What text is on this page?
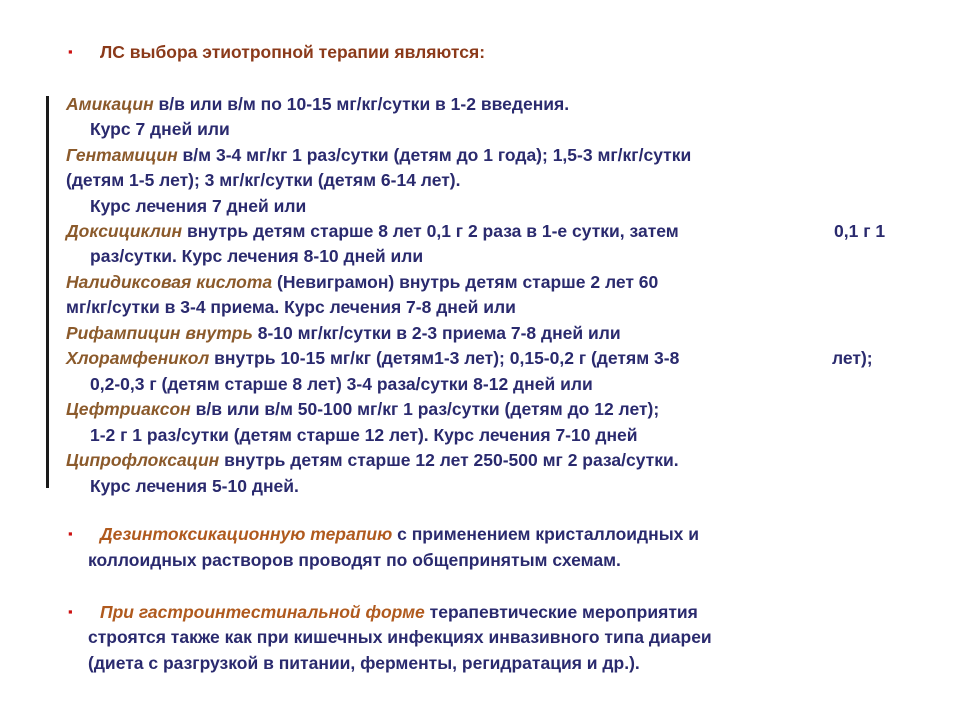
▪ ЛС выбора этиотропной терапии являются:
Амикацин в/в или в/м по 10-15 мг/кг/сутки в 1-2 введения.
Курс 7 дней или
Гентамицин в/м 3-4 мг/кг 1 раз/сутки (детям до 1 года); 1,5-3 мг/кг/сутки
(детям 1-5 лет); 3 мг/кг/сутки (детям 6-14 лет).
Курс лечения 7 дней или
Доксициклин внутрь детям старше 8 лет 0,1 г 2 раза в 1-е сутки, затем	0,1 г 1
раз/сутки. Курс лечения 8-10 дней или
Налидиксовая кислота (Невиграмон) внутрь детям старше 2 лет 60
мг/кг/сутки в 3-4 приема. Курс лечения 7-8 дней или
Рифампицин внутрь 8-10 мг/кг/сутки в 2-3 приема 7-8 дней или
Хлорамфеникол внутрь 10-15 мг/кг (детям1-3 лет); 0,15-0,2 г (детям 3-8	лет);
0,2-0,3 г (детям старше 8 лет) 3-4 раза/сутки 8-12 дней или
Цефтриаксон в/в или в/м 50-100 мг/кг 1 раз/сутки (детям до 12 лет);
1-2 г 1 раз/сутки (детям старше 12 лет). Курс лечения 7-10 дней
Ципрофлоксацин внутрь детям старше 12 лет 250-500 мг 2 раза/сутки.
Курс лечения 5-10 дней.
▪ Дезинтоксикационную терапию с применением кристаллоидных и
коллоидных растворов проводят по общепринятым схемам.
▪ При гастроинтестинальной форме терапевтические мероприятия
строятся также как при кишечных инфекциях инвазивного типа диареи
(диета с разгрузкой в питании, ферменты, регидратация и др.).
